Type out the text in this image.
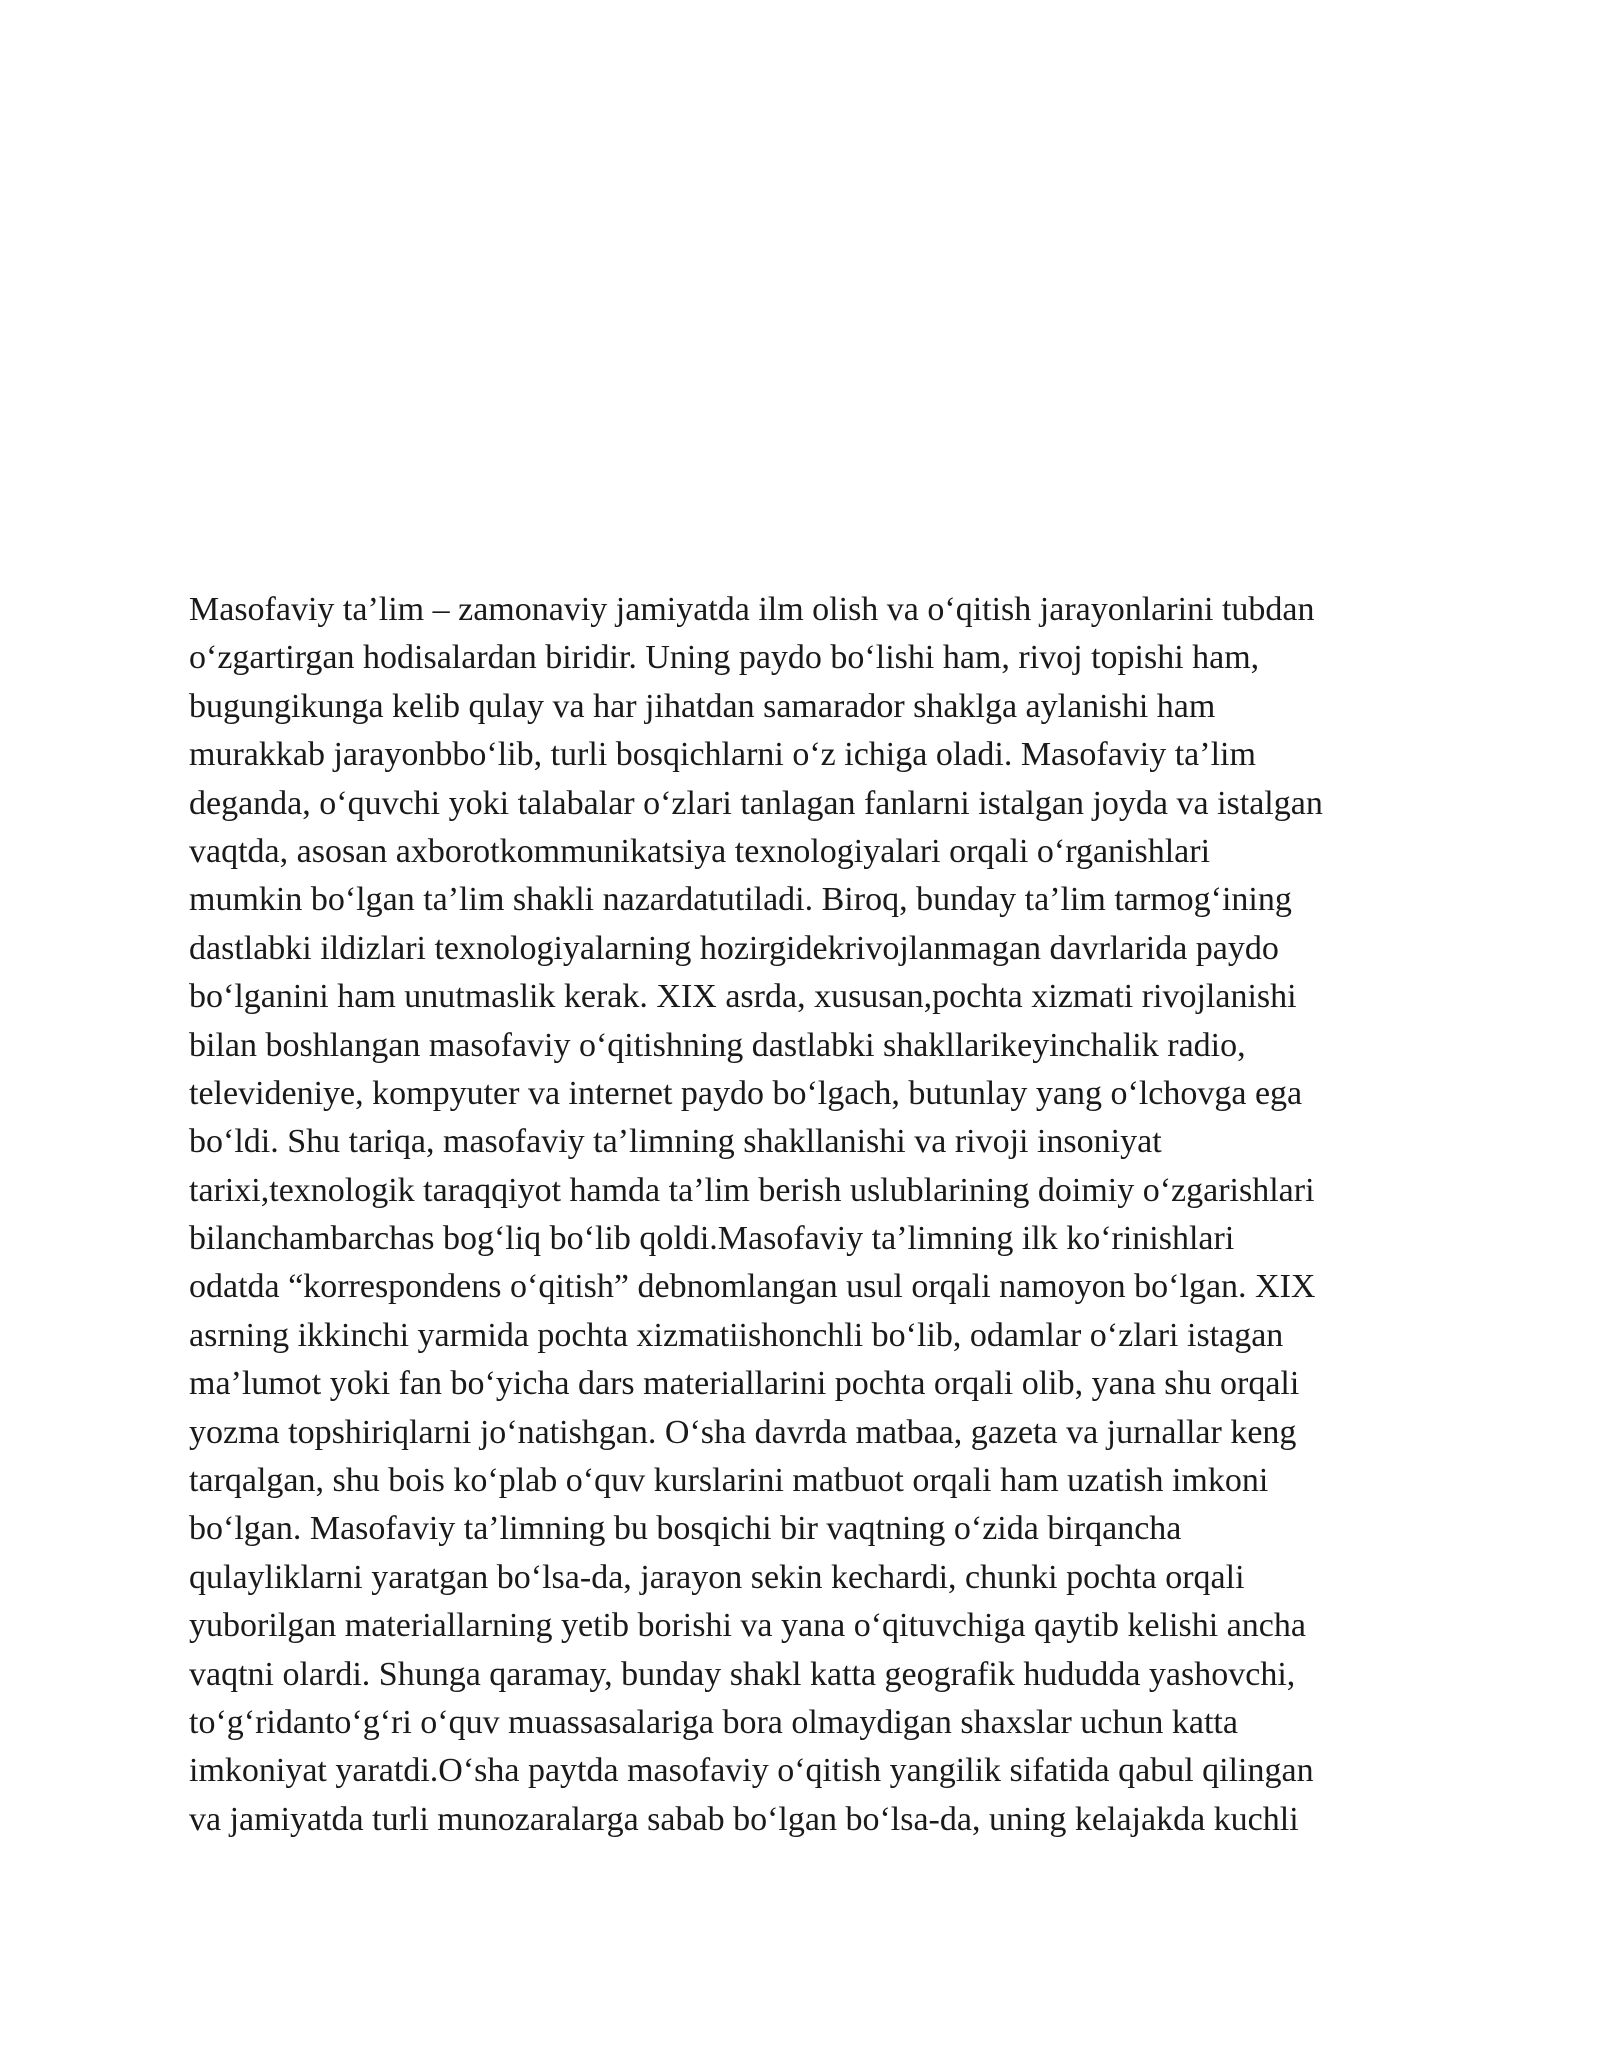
Masofaviy ta’lim – zamonaviy jamiyatda ilm olish va o‘qitish jarayonlarini tubdan
o‘zgartirgan hodisalardan biridir. Uning paydo bo‘lishi ham, rivoj topishi ham,
bugungikunga kelib qulay va har jihatdan samarador shaklga aylanishi ham
murakkab jarayonbbo‘lib, turli bosqichlarni o‘z ichiga oladi. Masofaviy ta’lim
deganda, o‘quvchi yoki talabalar o‘zlari tanlagan fanlarni istalgan joyda va istalgan
vaqtda, asosan axborotkommunikatsiya texnologiyalari orqali o‘rganishlari
mumkin bo‘lgan ta’lim shakli nazardatutiladi. Biroq, bunday ta’lim tarmog‘ining
dastlabki ildizlari texnologiyalarning hozirgidekrivojlanmagan davrlarida paydo
bo‘lganini ham unutmaslik kerak. XIX asrda, xususan,pochta xizmati rivojlanishi
bilan boshlangan masofaviy o‘qitishning dastlabki shakllarikeyinchalik radio,
televideniye, kompyuter va internet paydo bo‘lgach, butunlay yang o‘lchovga ega
bo‘ldi. Shu tariqa, masofaviy ta’limning shakllanishi va rivoji insoniyat
tarixi,texnologik taraqqiyot hamda ta’lim berish uslublarining doimiy o‘zgarishlari
bilanchambarchas bog‘liq bo‘lib qoldi.Masofaviy ta’limning ilk ko‘rinishlari
odatda “korrespondens o‘qitish” debnomlangan usul orqali namoyon bo‘lgan. XIX
asrning ikkinchi yarmida pochta xizmatiishonchli bo‘lib, odamlar o‘zlari istagan
ma’lumot yoki fan bo‘yicha dars materiallarini pochta orqali olib, yana shu orqali
yozma topshiriqlarni jo‘natishgan. O‘sha davrda matbaa, gazeta va jurnallar keng
tarqalgan, shu bois ko‘plab o‘quv kurslarini matbuot orqali ham uzatish imkoni
bo‘lgan. Masofaviy ta’limning bu bosqichi bir vaqtning o‘zida birqancha
qulayliklarni yaratgan bo‘lsa-da, jarayon sekin kechardi, chunki pochta orqali
yuborilgan materiallarning yetib borishi va yana o‘qituvchiga qaytib kelishi ancha
vaqtni olardi. Shunga qaramay, bunday shakl katta geografik hududda yashovchi,
to‘g‘ridanto‘g‘ri o‘quv muassasalariga bora olmaydigan shaxslar uchun katta
imkoniyat yaratdi.O‘sha paytda masofaviy o‘qitish yangilik sifatida qabul qilingan
va jamiyatda turli munozaralarga sabab bo‘lgan bo‘lsa-da, uning kelajakda kuchli
